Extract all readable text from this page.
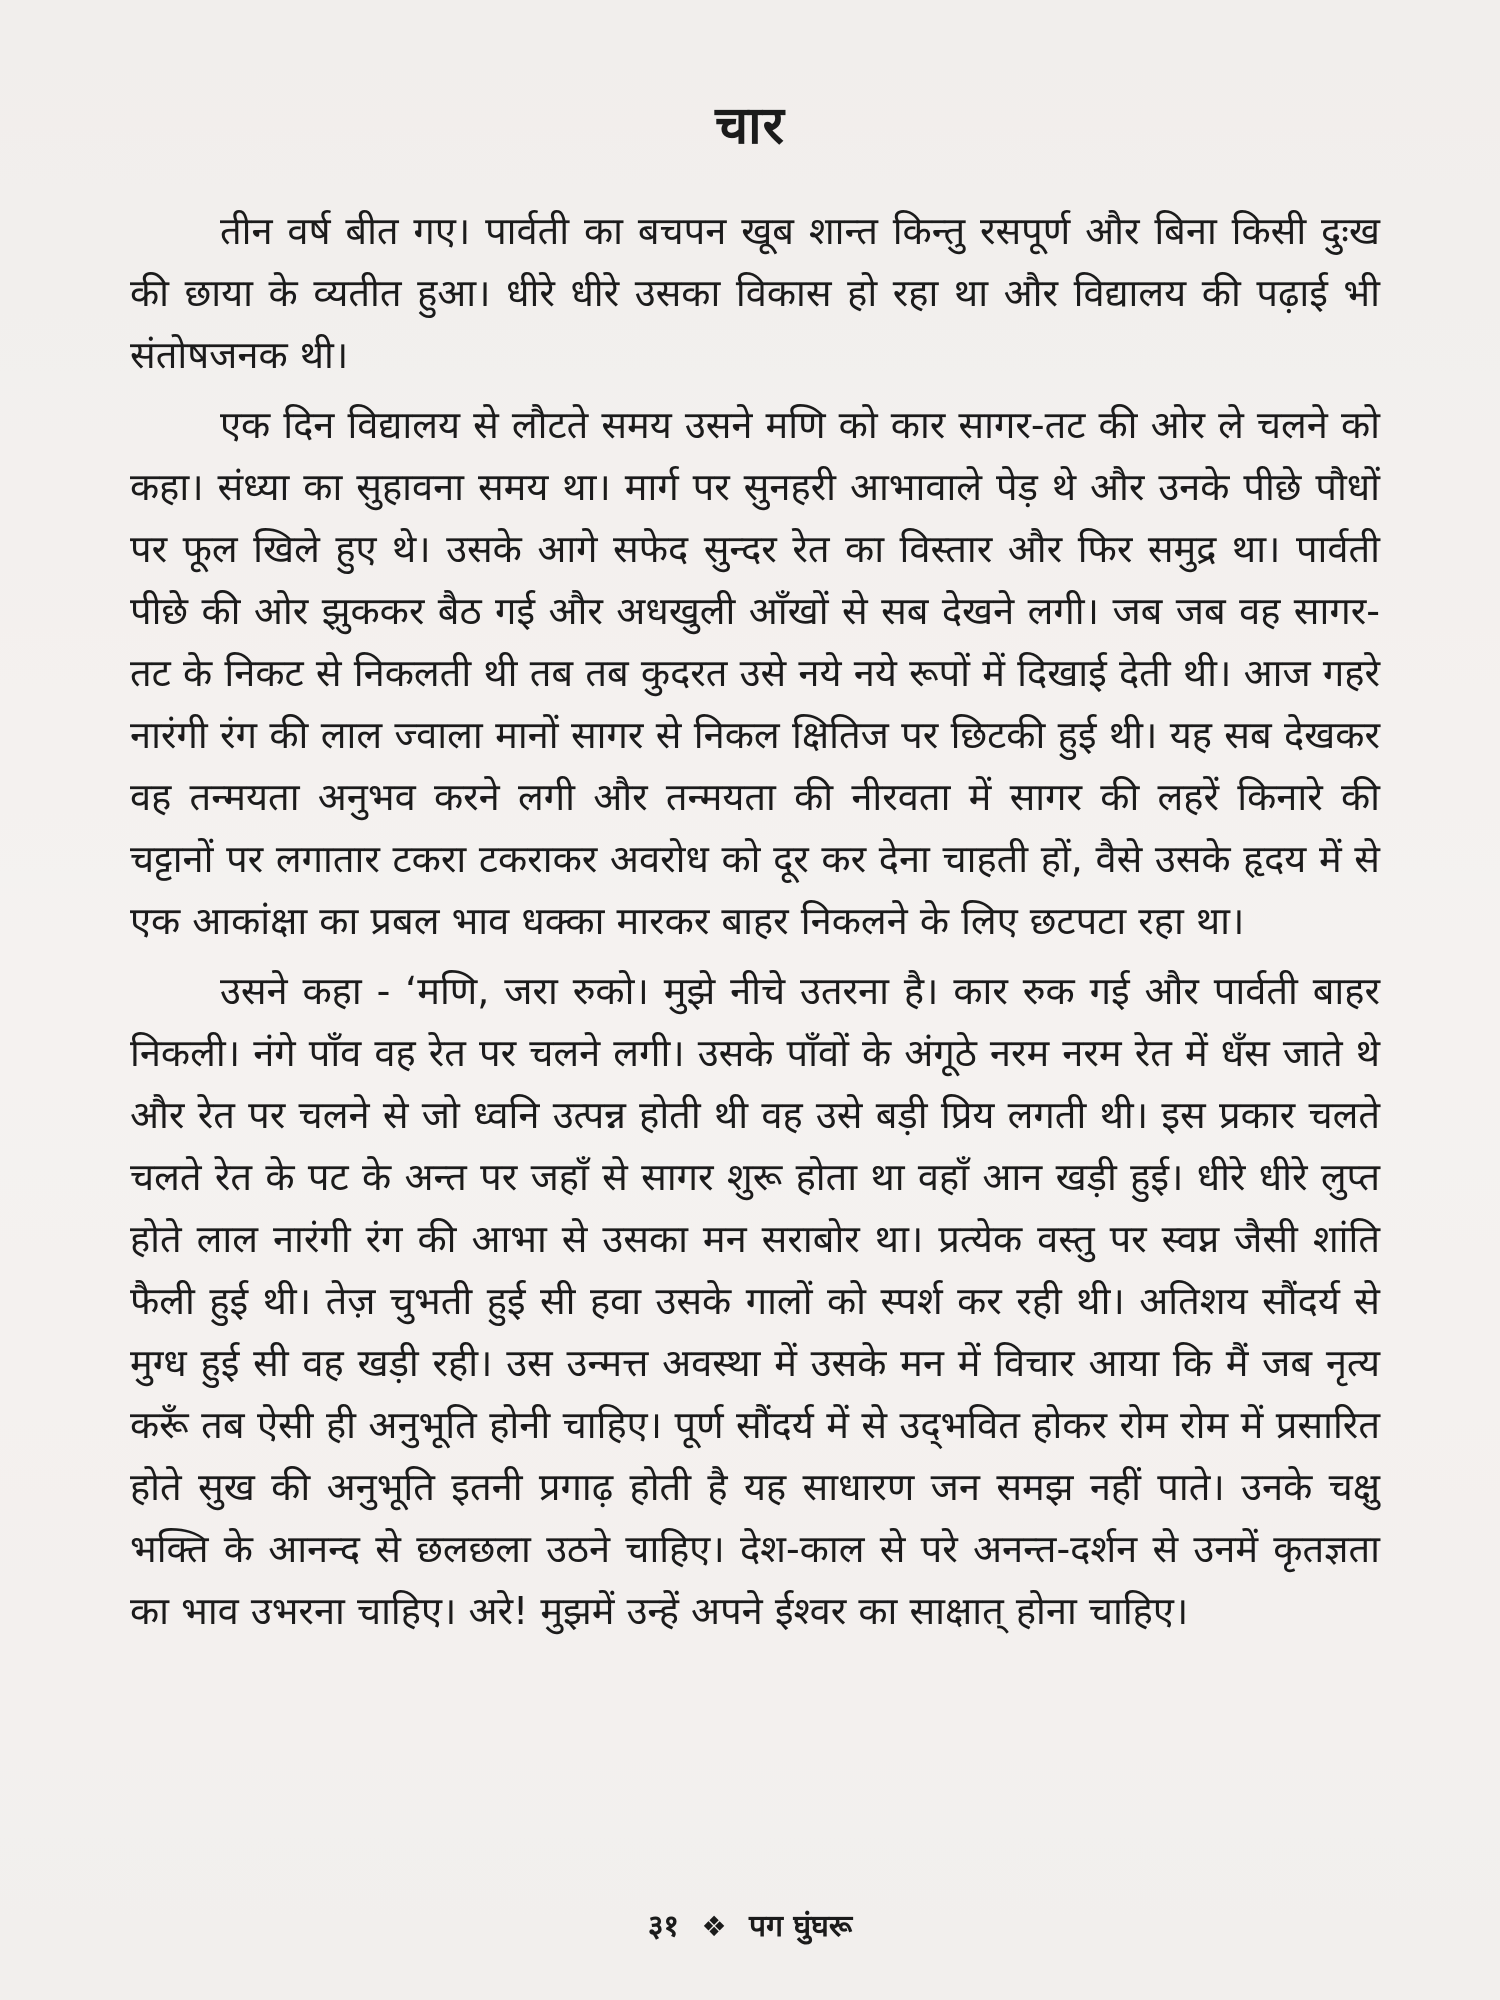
चार

तीन वर्ष बीत गए। पार्वती का बचपन खूब शान्त किन्तु रसपूर्ण और बिना किसी दुःख की छाया के व्यतीत हुआ। धीरे धीरे उसका विकास हो रहा था और विद्यालय की पढ़ाई भी संतोषजनक थी।

एक दिन विद्यालय से लौटते समय उसने मणि को कार सागर-तट की ओर ले चलने को कहा। संध्या का सुहावना समय था। मार्ग पर सुनहरी आभावाले पेड़ थे और उनके पीछे पौधों पर फूल खिले हुए थे। उसके आगे सफेद सुन्दर रेत का विस्तार और फिर समुद्र था। पार्वती पीछे की ओर झुककर बैठ गई और अधखुली आँखों से सब देखने लगी। जब जब वह सागर-तट के निकट से निकलती थी तब तब कुदरत उसे नये नये रूपों में दिखाई देती थी। आज गहरे नारंगी रंग की लाल ज्वाला मानों सागर से निकल क्षितिज पर छिटकी हुई थी। यह सब देखकर वह तन्मयता अनुभव करने लगी और तन्मयता की नीरवता में सागर की लहरें किनारे की चट्टानों पर लगातार टकरा टकराकर अवरोध को दूर कर देना चाहती हों, वैसे उसके हृदय में से एक आकांक्षा का प्रबल भाव धक्का मारकर बाहर निकलने के लिए छटपटा रहा था।

उसने कहा - ‘मणि, जरा रुको। मुझे नीचे उतरना है। कार रुक गई और पार्वती बाहर निकली। नंगे पाँव वह रेत पर चलने लगी। उसके पाँवों के अंगूठे नरम नरम रेत में धँस जाते थे और रेत पर चलने से जो ध्वनि उत्पन्न होती थी वह उसे बड़ी प्रिय लगती थी। इस प्रकार चलते चलते रेत के पट के अन्त पर जहाँ से सागर शुरू होता था वहाँ आन खड़ी हुई। धीरे धीरे लुप्त होते लाल नारंगी रंग की आभा से उसका मन सराबोर था। प्रत्येक वस्तु पर स्वप्न जैसी शांति फैली हुई थी। तेज़ चुभती हुई सी हवा उसके गालों को स्पर्श कर रही थी। अतिशय सौंदर्य से मुग्ध हुई सी वह खड़ी रही। उस उन्मत्त अवस्था में उसके मन में विचार आया कि मैं जब नृत्य करूँ तब ऐसी ही अनुभूति होनी चाहिए। पूर्ण सौंदर्य में से उद्‌भवित होकर रोम रोम में प्रसारित होते सुख की अनुभूति इतनी प्रगाढ़ होती है यह साधारण जन समझ नहीं पाते। उनके चक्षु भक्ति के आनन्द से छलछला उठने चाहिए। देश-काल से परे अनन्त-दर्शन से उनमें कृतज्ञता का भाव उभरना चाहिए। अरे! मुझमें उन्हें अपने ईश्वर का साक्षात् होना चाहिए।

३१ ❖ पग घुंघरू
